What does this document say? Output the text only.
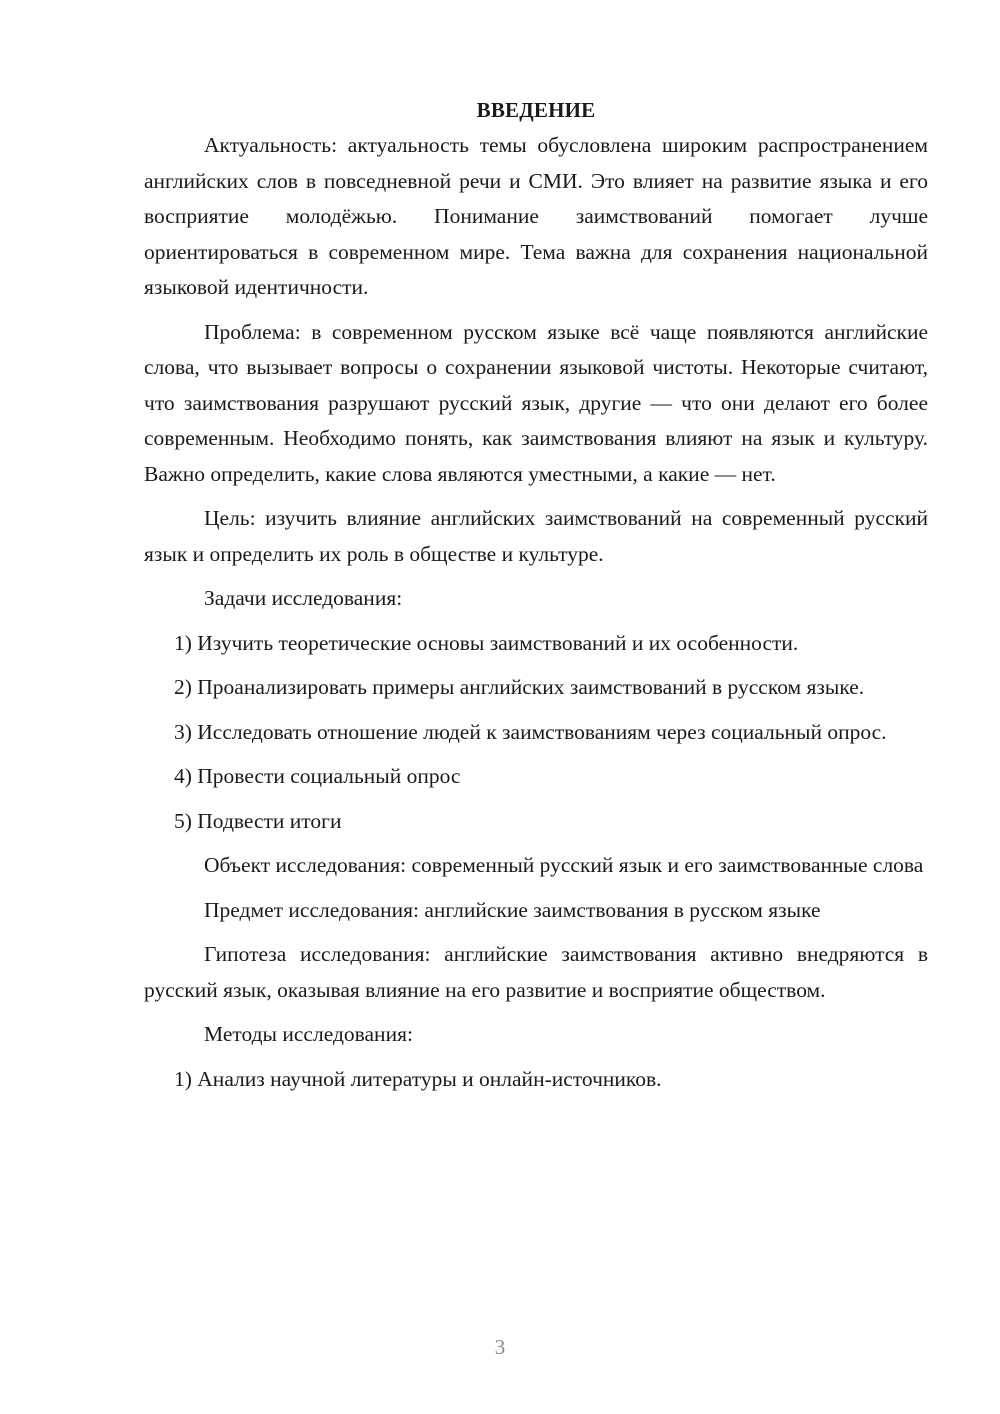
ВВЕДЕНИЕ

Актуальность: актуальность темы обусловлена широким распространением английских слов в повседневной речи и СМИ. Это влияет на развитие языка и его восприятие молодёжью. Понимание заимствований помогает лучше ориентироваться в современном мире. Тема важна для сохранения национальной языковой идентичности.

Проблема: в современном русском языке всё чаще появляются английские слова, что вызывает вопросы о сохранении языковой чистоты. Некоторые считают, что заимствования разрушают русский язык, другие — что они делают его более современным. Необходимо понять, как заимствования влияют на язык и культуру. Важно определить, какие слова являются уместными, а какие — нет.

Цель: изучить влияние английских заимствований на современный русский язык и определить их роль в обществе и культуре.

Задачи исследования:

1) Изучить теоретические основы заимствований и их особенности.

2) Проанализировать примеры английских заимствований в русском языке.

3) Исследовать отношение людей к заимствованиям через социальный опрос.

4) Провести социальный опрос

5) Подвести итоги

Объект исследования: современный русский язык и его заимствованные слова

Предмет исследования: английские заимствования в русском языке

Гипотеза исследования: английские заимствования активно внедряются в русский язык, оказывая влияние на его развитие и восприятие обществом.

Методы исследования:

1) Анализ научной литературы и онлайн-источников.

3
